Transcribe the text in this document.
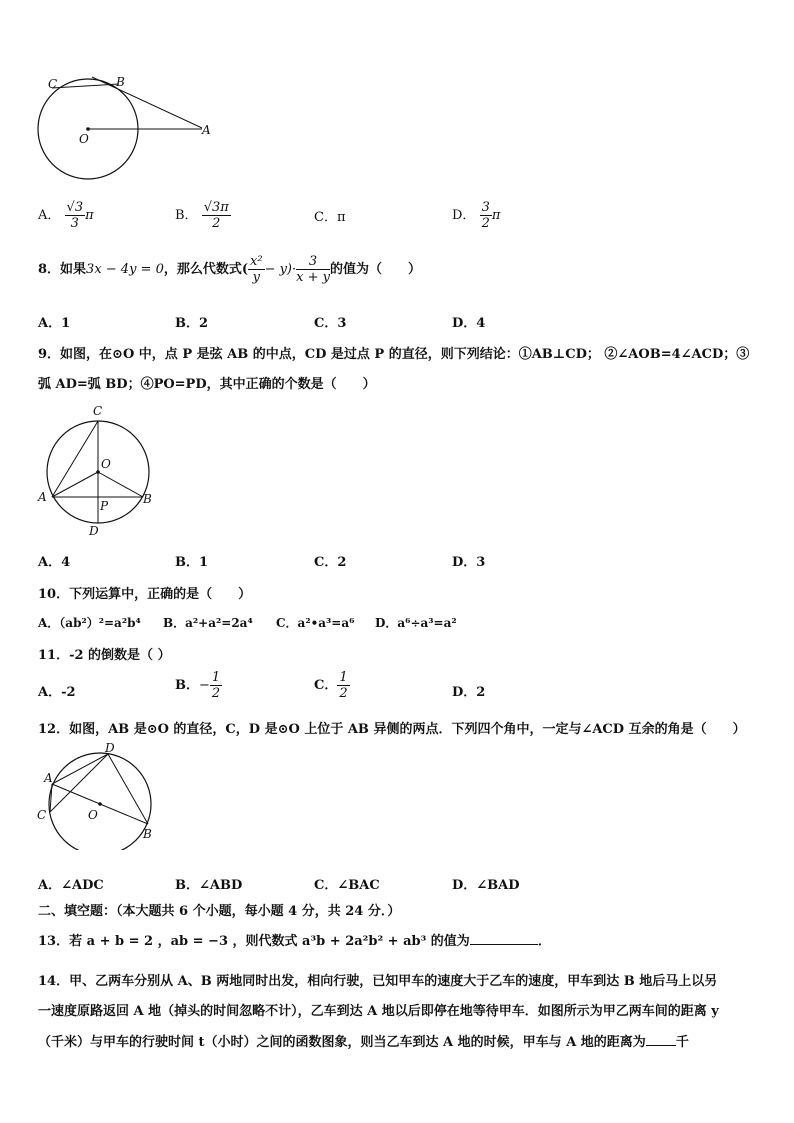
C	B
O
A
A． $\frac{√3}{3}$ π	B． $\frac{√3\pi}{2}$	C．π	D． $\frac{3}{2}$ π
8．如果3x − 4y = 0，那么代数式( $\frac{\text{x²}}{y} - y)\cdot \frac{3}{x + y}$ 的值为（　　）
A．1	B．2	C．3	D．4
9．如图，在⊙O 中，点 P 是弦 AB 的中点，CD 是过点 P 的直径，则下列结论：①AB⊥CD； ②∠AOB=4∠ACD；③
弧 AD=弧 BD；④PO=PD，其中正确的个数是（　　）
C
O
A	B
P
D
A．4	B．1	C．2	D．3
10．下列运算中，正确的是（　　）
A．（ab²）²=a²b⁴ B．a²+a²=2a⁴ C．a²•a³=a⁶ D．a⁶÷a³=a²
11．-2 的倒数是（ ）
A．-2	B．− $\frac{1}{2}$	C． $\frac{1}{2}$	D．2
12．如图，AB 是⊙O 的直径，C，D 是⊙O 上位于 AB 异侧的两点．下列四个角中，一定与∠ACD 互余的角是（　　）
D
A
C	O
B
A．∠ADC	B．∠ABD	C．∠BAC	D．∠BAD
二、填空题：（本大题共 6 个小题，每小题 4 分，共 24 分．）
13．若 a + b = 2 ，ab = −3 ，则代数式 a³b + 2a²b² + ab³ 的值为	．
14．甲、乙两车分别从 A、B 两地同时出发，相向行驶，已知甲车的速度大于乙车的速度，甲车到达 B 地后马上以另
一速度原路返回 A 地（掉头的时间忽略不计），乙车到达 A 地以后即停在地等待甲车．如图所示为甲乙两车间的距离 y
（千米）与甲车的行驶时间 t（小时）之间的函数图象，则当乙车到达 A 地的时候，甲车与 A 地的距离为 千
